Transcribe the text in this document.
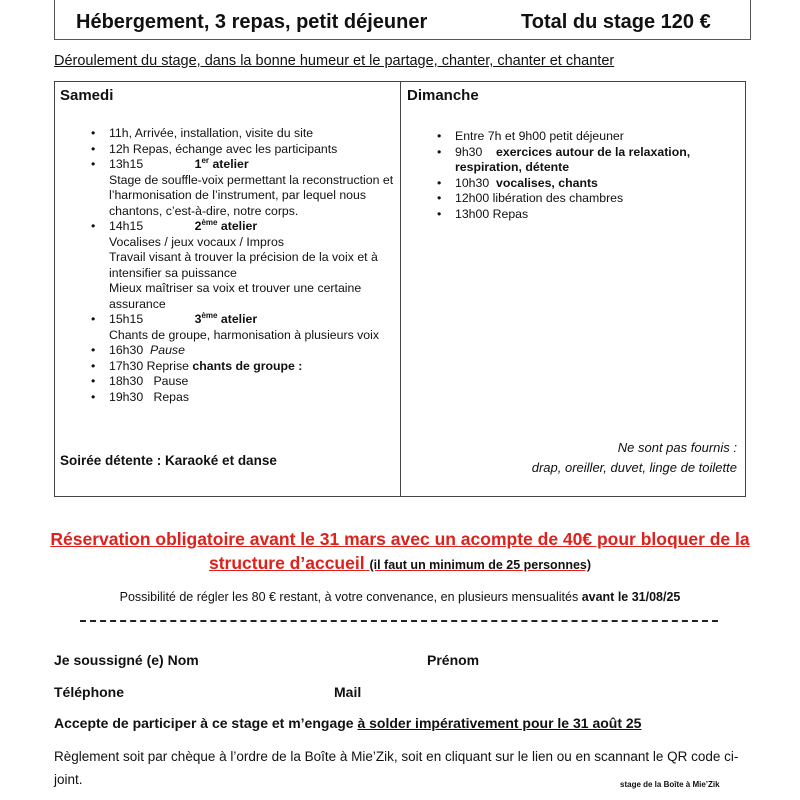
Hébergement, 3 repas, petit déjeuner	Total du stage 120 €
Déroulement du stage, dans la bonne humeur et le partage, chanter, chanter et chanter
Samedi
• 11h, Arrivée, installation, visite du site
• 12h Repas, échange avec les participants
• 13h15	1er atelier
Stage de souffle-voix permettant la reconstruction et l’harmonisation de l’instrument, par lequel nous chantons, c’est-à-dire, notre corps.
• 14h15	2ème atelier
Vocalises / jeux vocaux / Impros
Travail visant à trouver la précision de la voix et à intensifier sa puissance
Mieux maîtriser sa voix et trouver une certaine assurance
• 15h15	3ème atelier
Chants de groupe, harmonisation à plusieurs voix
• 16h30 Pause
• 17h30 Reprise chants de groupe :
• 18h30   Pause
• 19h30   Repas
Soirée détente : Karaoké et danse
Dimanche
• Entre 7h et 9h00 petit déjeuner
• 9h30 exercices autour de la relaxation, respiration, détente
• 10h30 vocalises, chants
• 12h00 libération des chambres
• 13h00 Repas
Ne sont pas fournis :
drap, oreiller, duvet, linge de toilette
Réservation obligatoire avant le 31 mars avec un acompte de 40€ pour bloquer de la structure d’accueil (il faut un minimum de 25 personnes)
Possibilité de régler les 80 € restant, à votre convenance, en plusieurs mensualités avant le 31/08/25
Je soussigné (e) Nom	Prénom
Téléphone	Mail
Accepte de participer à ce stage et m’engage à solder impérativement pour le 31 août 25
Règlement soit par chèque à l’ordre de la Boîte à Mie’Zik, soit en cliquant sur le lien ou en scannant le QR code ci-joint.	stage de la Boîte à Mie’Zik
